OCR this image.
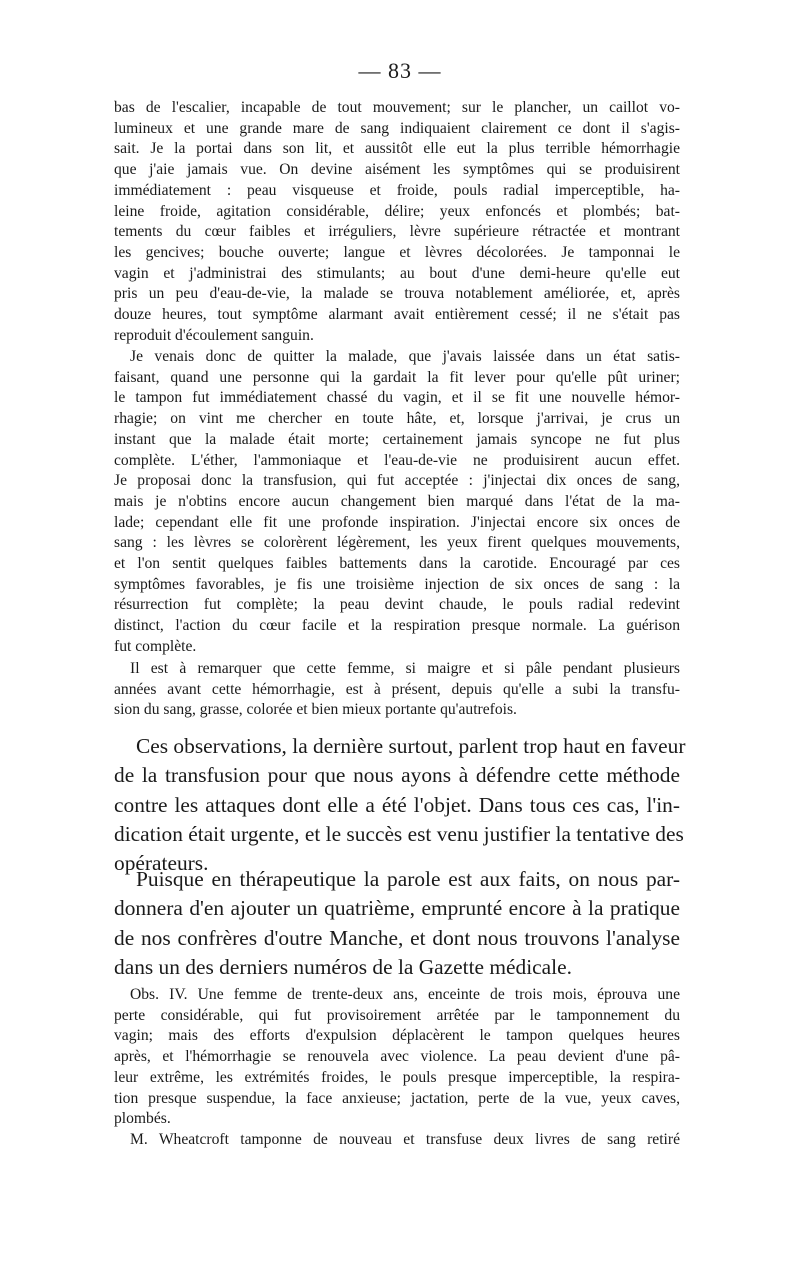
— 83 —
bas de l'escalier, incapable de tout mouvement; sur le plancher, un caillot vo-
lumineux et une grande mare de sang indiquaient clairement ce dont il s'agis-
sait. Je la portai dans son lit, et aussitôt elle eut la plus terrible hémorrhagie
que j'aie jamais vue. On devine aisément les symptômes qui se produisirent
immédiatement : peau visqueuse et froide, pouls radial imperceptible, ha-
leine froide, agitation considérable, délire; yeux enfoncés et plombés; bat-
tements du cœur faibles et irréguliers, lèvre supérieure rétractée et montrant
les gencives; bouche ouverte; langue et lèvres décolorées. Je tamponnai le
vagin et j'administrai des stimulants; au bout d'une demi-heure qu'elle eut
pris un peu d'eau-de-vie, la malade se trouva notablement améliorée, et, après
douze heures, tout symptôme alarmant avait entièrement cessé; il ne s'était pas
reproduit d'écoulement sanguin.
Je venais donc de quitter la malade, que j'avais laissée dans un état satis-
faisant, quand une personne qui la gardait la fit lever pour qu'elle pût uriner;
le tampon fut immédiatement chassé du vagin, et il se fit une nouvelle hémor-
rhagie; on vint me chercher en toute hâte, et, lorsque j'arrivai, je crus un
instant que la malade était morte; certainement jamais syncope ne fut plus
complète. L'éther, l'ammoniaque et l'eau-de-vie ne produisirent aucun effet.
Je proposai donc la transfusion, qui fut acceptée : j'injectai dix onces de sang,
mais je n'obtins encore aucun changement bien marqué dans l'état de la ma-
lade; cependant elle fit une profonde inspiration. J'injectai encore six onces de
sang : les lèvres se colorèrent légèrement, les yeux firent quelques mouvements,
et l'on sentit quelques faibles battements dans la carotide. Encouragé par ces
symptômes favorables, je fis une troisième injection de six onces de sang : la
résurrection fut complète; la peau devint chaude, le pouls radial redevint
distinct, l'action du cœur facile et la respiration presque normale. La guérison
fut complète.
Il est à remarquer que cette femme, si maigre et si pâle pendant plusieurs
années avant cette hémorrhagie, est à présent, depuis qu'elle a subi la transfu-
sion du sang, grasse, colorée et bien mieux portante qu'autrefois.
Ces observations, la dernière surtout, parlent trop haut en faveur
de la transfusion pour que nous ayons à défendre cette méthode
contre les attaques dont elle a été l'objet. Dans tous ces cas, l'in-
dication était urgente, et le succès est venu justifier la tentative des
opérateurs.
Puisque en thérapeutique la parole est aux faits, on nous par-
donnera d'en ajouter un quatrième, emprunté encore à la pratique
de nos confrères d'outre Manche, et dont nous trouvons l'analyse
dans un des derniers numéros de la Gazette médicale.
Obs. IV. Une femme de trente-deux ans, enceinte de trois mois, éprouva une
perte considérable, qui fut provisoirement arrêtée par le tamponnement du
vagin; mais des efforts d'expulsion déplacèrent le tampon quelques heures
après, et l'hémorrhagie se renouvela avec violence. La peau devient d'une pâ-
leur extrême, les extrémités froides, le pouls presque imperceptible, la respira-
tion presque suspendue, la face anxieuse; jactation, perte de la vue, yeux caves,
plombés.
M. Wheatcroft tamponne de nouveau et transfuse deux livres de sang retiré
